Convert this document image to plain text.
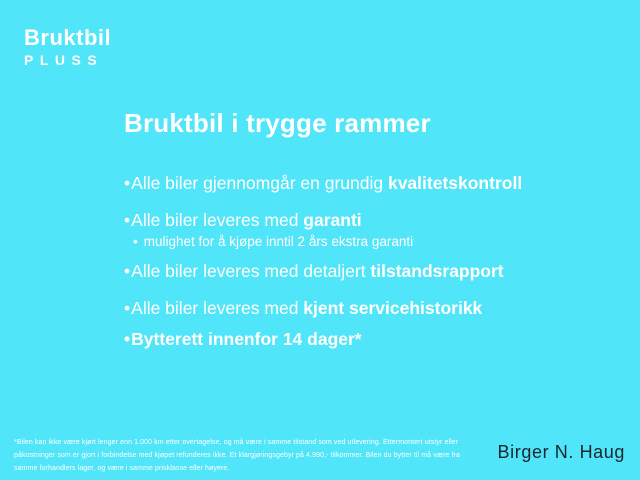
Bruktbil
PLUSS
Bruktbil i trygge rammer
•Alle biler gjennomgår en grundig kvalitetskontroll
•Alle biler leveres med garanti
• mulighet for å kjøpe inntil 2 års ekstra garanti
•Alle biler leveres med detaljert tilstandsrapport
•Alle biler leveres med kjent servicehistorikk
•Bytterett innenfor 14 dager*
*Bilen kan ikke være kjørt lenger enn 1.000 km etter overtagelse, og må være i samme tilstand som ved utlevering. Ettermontert utstyr eller
påkostninger som er gjort i forbindelse med kjøpet refunderes ikke. Et klargjøringsgebyr på 4.990,- tilkommer. Bilen du bytter til må være fra
samme forhandlers lager, og være i samme prisklasse eller høyere.
Birger N. Haug
